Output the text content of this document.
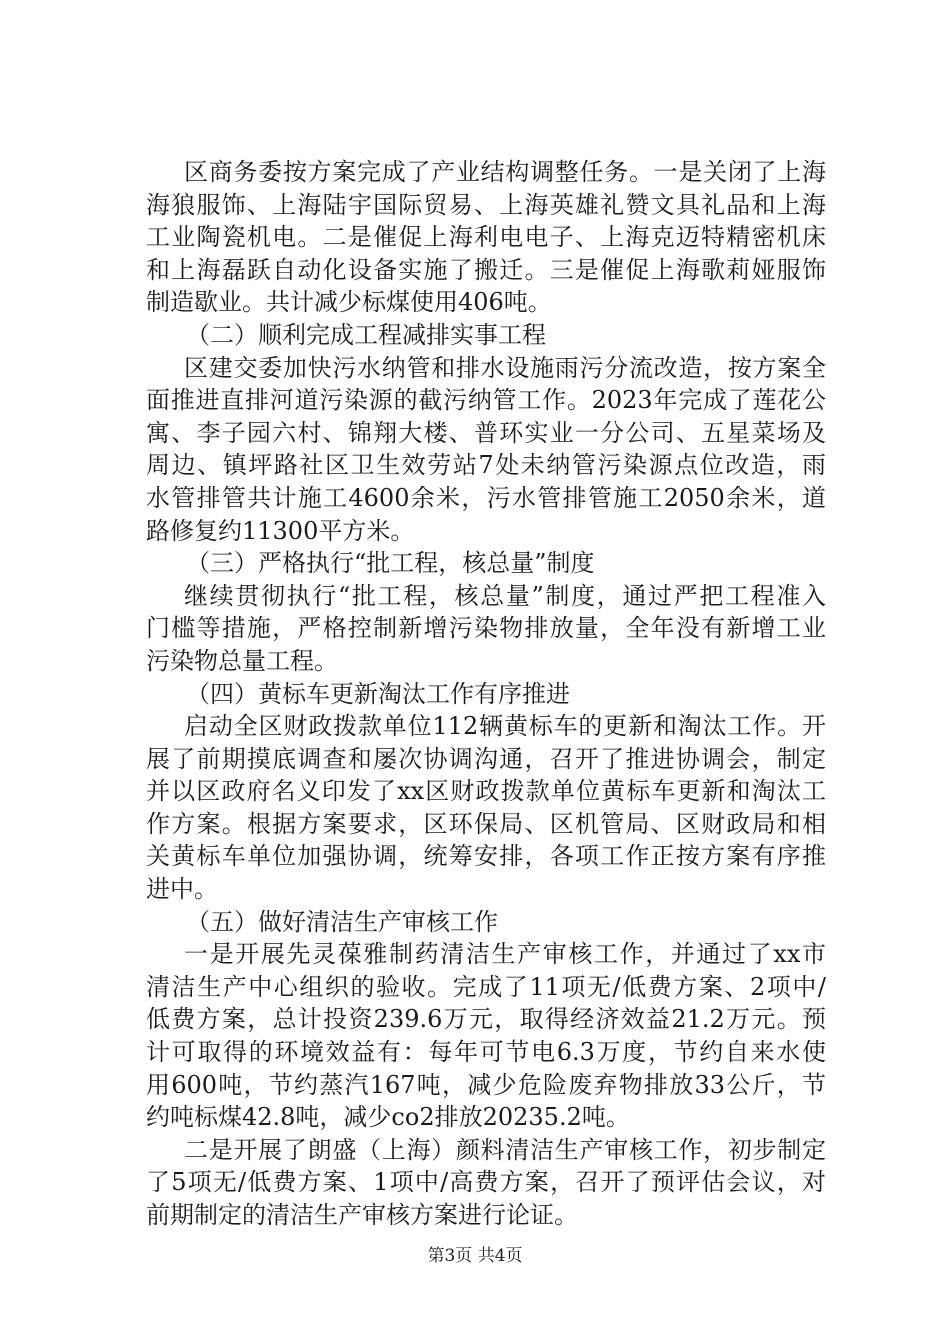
区商务委按方案完成了产业结构调整任务。一是关闭了上海
海狼服饰、上海陆宇国际贸易、上海英雄礼赞文具礼品和上海
工业陶瓷机电。二是催促上海利电电子、上海克迈特精密机床
和上海磊跃自动化设备实施了搬迁。三是催促上海歌莉娅服饰
制造歇业。共计减少标煤使用406吨。
（二）顺利完成工程减排实事工程
区建交委加快污水纳管和排水设施雨污分流改造，按方案全
面推进直排河道污染源的截污纳管工作。2023年完成了莲花公
寓、李子园六村、锦翔大楼、普环实业一分公司、五星菜场及
周边、镇坪路社区卫生效劳站7处未纳管污染源点位改造，雨
水管排管共计施工4600余米，污水管排管施工2050余米，道
路修复约11300平方米。
（三）严格执行“批工程，核总量”制度
继续贯彻执行“批工程，核总量”制度，通过严把工程准入
门槛等措施，严格控制新增污染物排放量，全年没有新增工业
污染物总量工程。
（四）黄标车更新淘汰工作有序推进
启动全区财政拨款单位112辆黄标车的更新和淘汰工作。开
展了前期摸底调查和屡次协调沟通，召开了推进协调会，制定
并以区政府名义印发了xx区财政拨款单位黄标车更新和淘汰工
作方案。根据方案要求，区环保局、区机管局、区财政局和相
关黄标车单位加强协调，统筹安排，各项工作正按方案有序推
进中。
（五）做好清洁生产审核工作
一是开展先灵葆雅制药清洁生产审核工作，并通过了xx市
清洁生产中心组织的验收。完成了11项无/低费方案、2项中/
低费方案，总计投资239.6万元，取得经济效益21.2万元。预
计可取得的环境效益有：每年可节电6.3万度，节约自来水使
用600吨，节约蒸汽167吨，减少危险废弃物排放33公斤，节
约吨标煤42.8吨，减少co2排放20235.2吨。
二是开展了朗盛（上海）颜料清洁生产审核工作，初步制定
了5项无/低费方案、1项中/高费方案，召开了预评估会议，对
前期制定的清洁生产审核方案进行论证。
第3页 共4页
